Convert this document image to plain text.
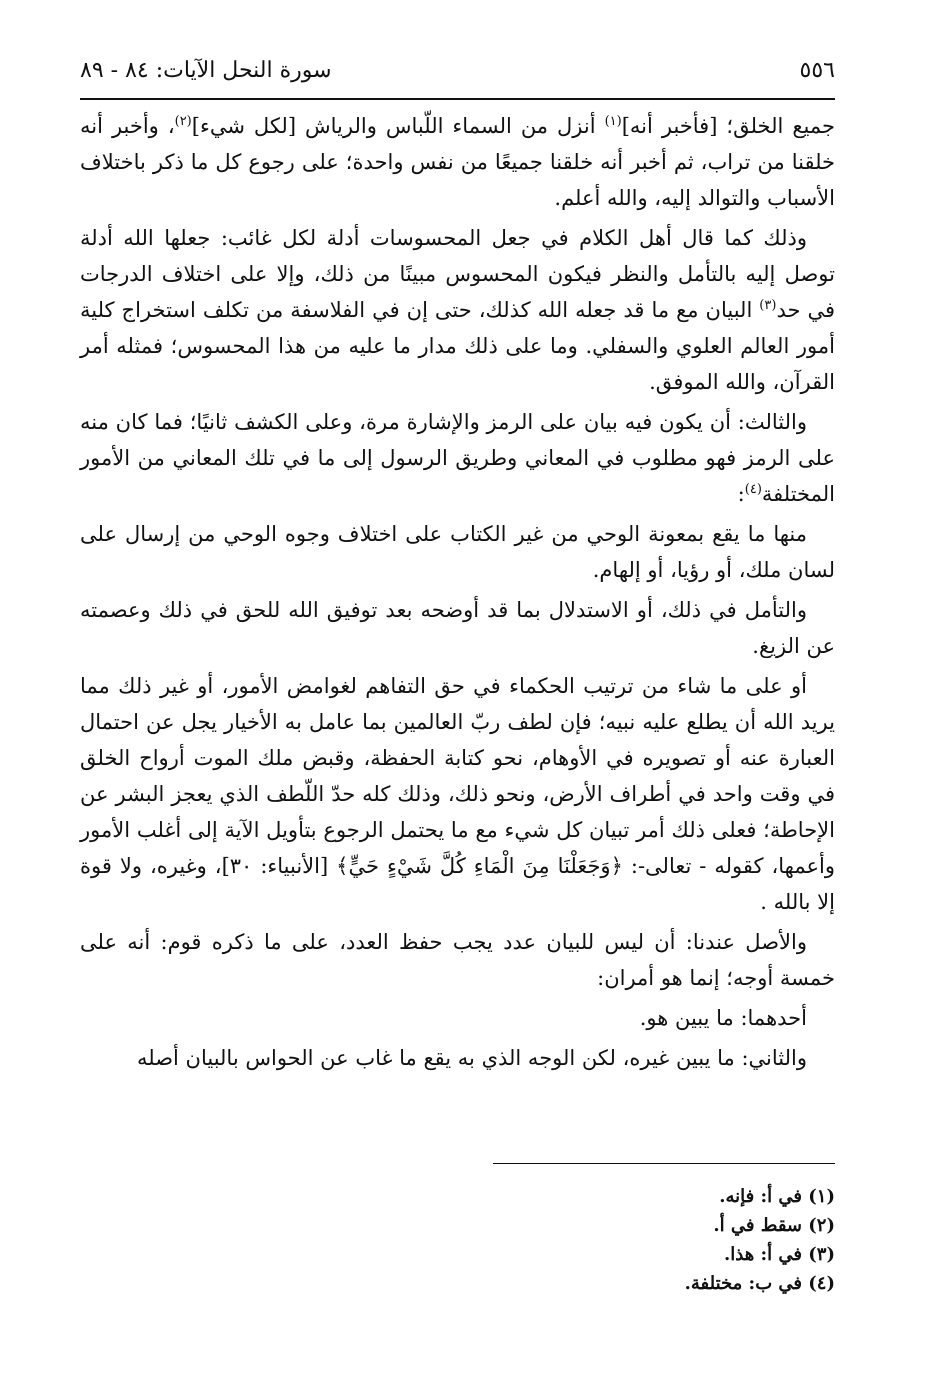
٥٥٦
سورة النحل الآيات: ٨٤ - ٨٩

جميع الخلق؛ [فأخبر أنه]$^{(١)}$ أنزل من السماء اللّباس والرياش [لكل شيء]$^{(٢)}$، وأخبر أنه خلقنا من تراب، ثم أخبر أنه خلقنا جميعًا من نفس واحدة؛ على رجوع كل ما ذكر باختلاف الأسباب والتوالد إليه، والله أعلم.

وذلك كما قال أهل الكلام في جعل المحسوسات أدلة لكل غائب: جعلها الله أدلة توصل إليه بالتأمل والنظر فيكون المحسوس مبينًا من ذلك، وإلا على اختلاف الدرجات في حد$^{(٣)}$ البيان مع ما قد جعله الله كذلك، حتى إن في الفلاسفة من تكلف استخراج كلية أمور العالم العلوي والسفلي. وما على ذلك مدار ما عليه من هذا المحسوس؛ فمثله أمر القرآن، والله الموفق.

والثالث: أن يكون فيه بيان على الرمز والإشارة مرة، وعلى الكشف ثانيًا؛ فما كان منه على الرمز فهو مطلوب في المعاني وطريق الرسول إلى ما في تلك المعاني من الأمور المختلفة$^{(٤)}$:

منها ما يقع بمعونة الوحي من غير الكتاب على اختلاف وجوه الوحي من إرسال على لسان ملك، أو رؤيا، أو إلهام.

والتأمل في ذلك، أو الاستدلال بما قد أوضحه بعد توفيق الله للحق في ذلك وعصمته عن الزيغ.

أو على ما شاء من ترتيب الحكماء في حق التفاهم لغوامض الأمور، أو غير ذلك مما يريد الله أن يطلع عليه نبيه؛ فإن لطف ربّ العالمين بما عامل به الأخيار يجل عن احتمال العبارة عنه أو تصويره في الأوهام، نحو كتابة الحفظة، وقبض ملك الموت أرواح الخلق في وقت واحد في أطراف الأرض، ونحو ذلك، وذلك كله حدّ اللّطف الذي يعجز البشر عن الإحاطة؛ فعلى ذلك أمر تبيان كل شيء مع ما يحتمل الرجوع بتأويل الآية إلى أغلب الأمور وأعمها، كقوله - تعالى-: ﴿وَجَعَلْنَا مِنَ الْمَاءِ كُلَّ شَيْءٍ حَيٍّ﴾ [الأنبياء: ٣٠]، وغيره، ولا قوة إلا بالله .

والأصل عندنا: أن ليس للبيان عدد يجب حفظ العدد، على ما ذكره قوم: أنه على خمسة أوجه؛ إنما هو أمران:

أحدهما: ما يبين هو.

والثاني: ما يبين غيره، لكن الوجه الذي به يقع ما غاب عن الحواس بالبيان أصله

(١) في أ: فإنه.
(٢) سقط في أ.
(٣) في أ: هذا.
(٤) في ب: مختلفة.
